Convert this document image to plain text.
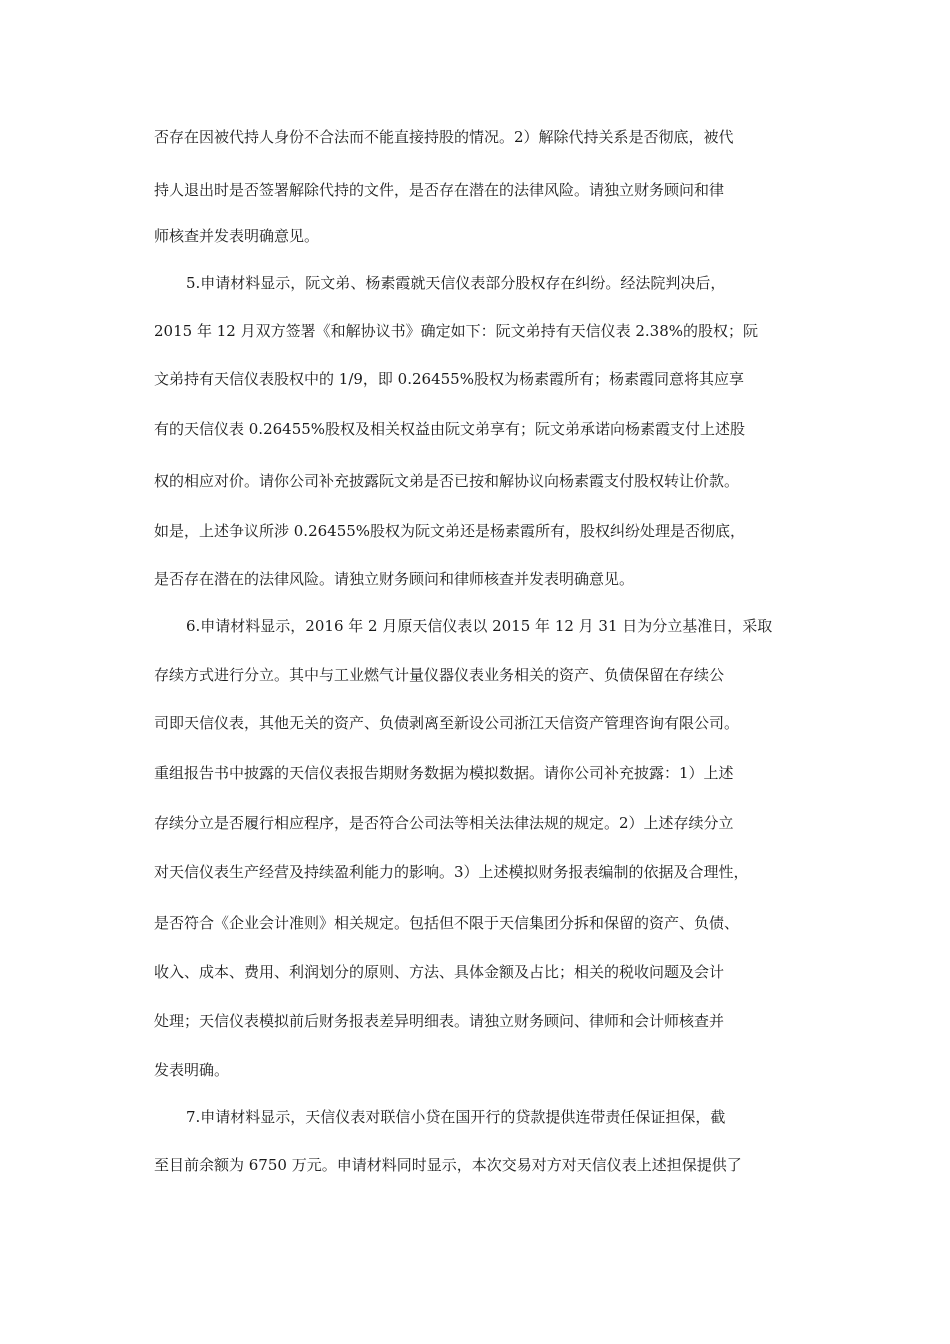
否存在因被代持人身份不合法而不能直接持股的情况。2）解除代持关系是否彻底，被代

持人退出时是否签署解除代持的文件，是否存在潜在的法律风险。请独立财务顾问和律

师核查并发表明确意见。

5.申请材料显示，阮文弟、杨素霞就天信仪表部分股权存在纠纷。经法院判决后，

2015 年 12 月双方签署《和解协议书》确定如下：阮文弟持有天信仪表 2.38%的股权；阮

文弟持有天信仪表股权中的 1/9，即 0.26455%股权为杨素霞所有；杨素霞同意将其应享

有的天信仪表 0.26455%股权及相关权益由阮文弟享有；阮文弟承诺向杨素霞支付上述股

权的相应对价。请你公司补充披露阮文弟是否已按和解协议向杨素霞支付股权转让价款。

如是，上述争议所涉 0.26455%股权为阮文弟还是杨素霞所有，股权纠纷处理是否彻底，

是否存在潜在的法律风险。请独立财务顾问和律师核查并发表明确意见。

6.申请材料显示，2016 年 2 月原天信仪表以 2015 年 12 月 31 日为分立基准日，采取

存续方式进行分立。其中与工业燃气计量仪器仪表业务相关的资产、负债保留在存续公

司即天信仪表，其他无关的资产、负债剥离至新设公司浙江天信资产管理咨询有限公司。

重组报告书中披露的天信仪表报告期财务数据为模拟数据。请你公司补充披露：1）上述

存续分立是否履行相应程序，是否符合公司法等相关法律法规的规定。2）上述存续分立

对天信仪表生产经营及持续盈利能力的影响。3）上述模拟财务报表编制的依据及合理性，

是否符合《企业会计准则》相关规定。包括但不限于天信集团分拆和保留的资产、负债、

收入、成本、费用、利润划分的原则、方法、具体金额及占比；相关的税收问题及会计

处理；天信仪表模拟前后财务报表差异明细表。请独立财务顾问、律师和会计师核查并

发表明确。

7.申请材料显示，天信仪表对联信小贷在国开行的贷款提供连带责任保证担保，截

至目前余额为 6750 万元。申请材料同时显示，本次交易对方对天信仪表上述担保提供了
